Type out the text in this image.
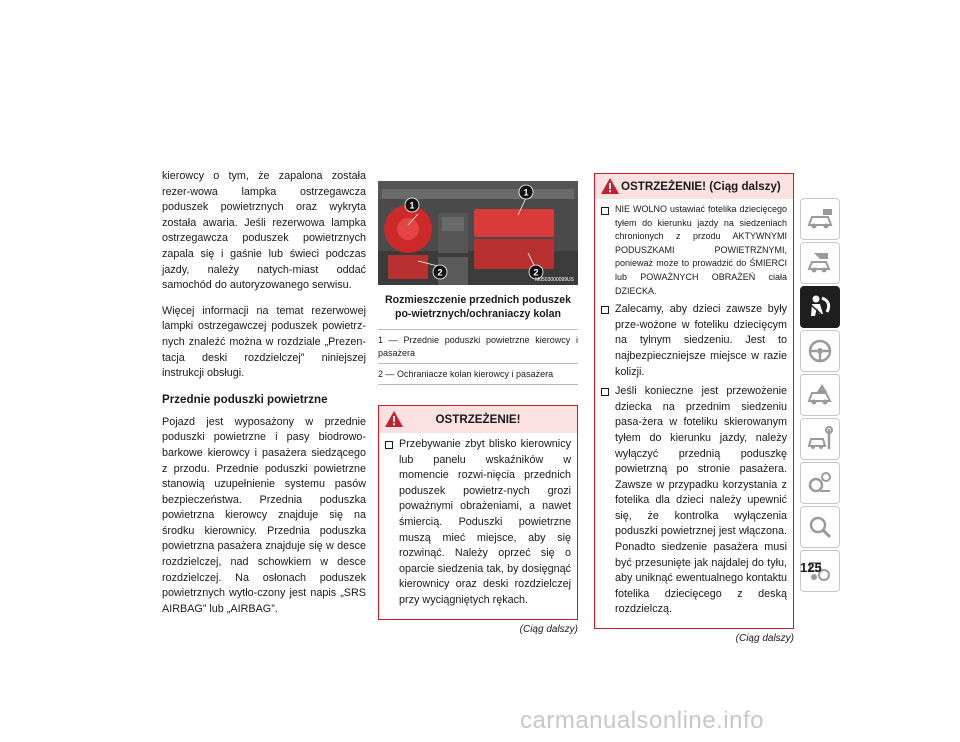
kierowcy o tym, że zapalona została rezer-wowa lampka ostrzegawcza poduszek powietrznych oraz wykryta została awaria. Jeśli rezerwowa lampka ostrzegawcza poduszek powietrznych zapala się i gaśnie lub świeci podczas jazdy, należy natych-miast oddać samochód do autoryzowanego serwisu.

Więcej informacji na temat rezerwowej lampki ostrzegawczej poduszek powietrz-nych znaleźć można w rozdziale „Prezen-tacja deski rozdzielczej” niniejszej instrukcji obsługi.

Przednie poduszki powietrzne

Pojazd jest wyposażony w przednie poduszki powietrzne i pasy biodrowo-barkowe kierowcy i pasażera siedzącego z przodu. Przednie poduszki powietrzne stanowią uzupełnienie systemu pasów bezpieczeństwa. Przednia poduszka powietrzna kierowcy znajduje się na środku kierownicy. Przednia poduszka powietrzna pasażera znajduje się w desce rozdzielczej, nad schowkiem w desce rozdzielczej. Na osłonach poduszek powietrznych wytło-czony jest napis „SRS AIRBAG” lub „AIRBAG”.

1
1
2	2
M0503000099US
Rozmieszczenie przednich poduszek po-wietrznych/ochraniaczy kolan
1 — Przednie poduszki powietrzne kierowcy i pasażera
2 — Ochraniacze kolan kierowcy i pasażera
OSTRZEŻENIE!
Przebywanie zbyt blisko kierownicy lub panelu wskaźników w momencie rozwi-nięcia przednich poduszek powietrz-nych grozi poważnymi obrażeniami, a nawet śmiercią. Poduszki powietrzne muszą mieć miejsce, aby się rozwinąć. Należy oprzeć się o oparcie siedzenia tak, by dosięgnąć kierownicy oraz deski rozdzielczej przy wyciągniętych rękach.
(Ciąg dalszy)
OSTRZEŻENIE! (Ciąg dalszy)
NIE WOLNO ustawiać fotelika dziecięcego tyłem do kierunku jazdy na siedzeniach chronionych z przodu AKTYWNYMI PODUSZKAMI POWIETRZNYMI, ponieważ może to prowadzić do ŚMIERCI lub POWAŻNYCH OBRAŻEŃ ciała DZIECKA.
Zalecamy, aby dzieci zawsze były prze-wożone w foteliku dziecięcym na tylnym siedzeniu. Jest to najbezpieczniejsze miejsce w razie kolizji.
Jeśli konieczne jest przewożenie dziecka na przednim siedzeniu pasa-żera w foteliku skierowanym tyłem do kierunku jazdy, należy wyłączyć przednią poduszkę powietrzną po stronie pasażera. Zawsze w przypadku korzystania z fotelika dla dzieci należy upewnić się, że kontrolka wyłączenia poduszki powietrznej jest włączona. Ponadto siedzenie pasażera musi być przesunięte jak najdalej do tyłu, aby uniknąć ewentualnego kontaktu fotelika dziecięcego z deską rozdzielczą.
(Ciąg dalszy)
125
carmanualsonline.info
